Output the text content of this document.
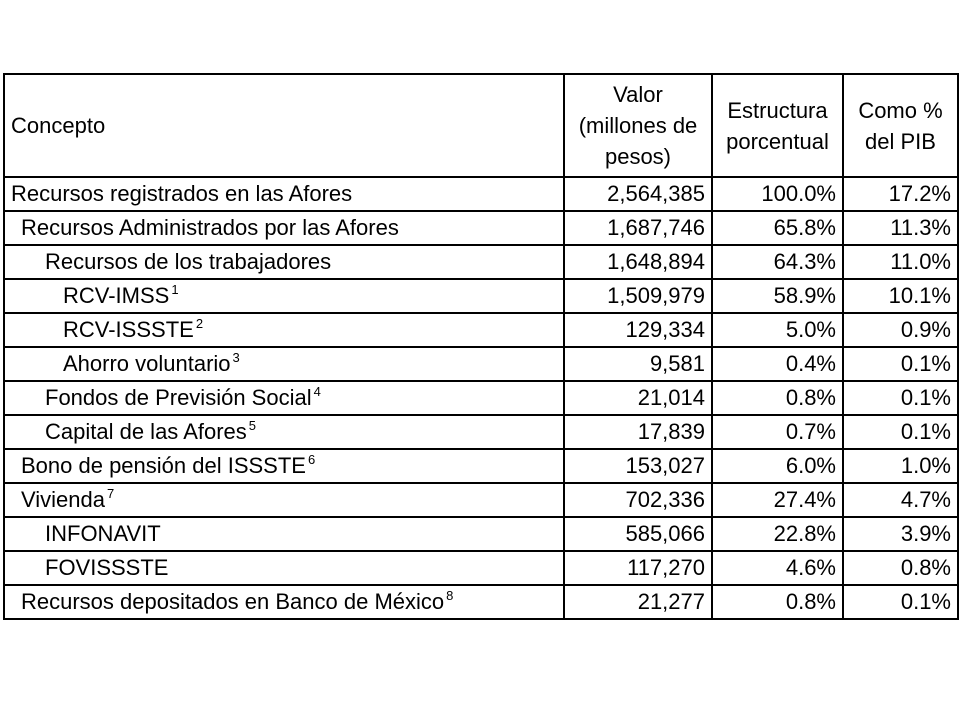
Concepto	Valor (millones de pesos)	Estructura porcentual	Como % del PIB
Recursos registrados en las Afores	2,564,385	100.0%	17.2%
Recursos Administrados por las Afores	1,687,746	65.8%	11.3%
Recursos de los trabajadores	1,648,894	64.3%	11.0%
RCV-IMSS $^1$	1,509,979	58.9%	10.1%
RCV-ISSSTE $^2$	129,334	5.0%	0.9%
Ahorro voluntario $^3$	9,581	0.4%	0.1%
Fondos de Previsión Social $^4$	21,014	0.8%	0.1%
Capital de las Afores $^5$	17,839	0.7%	0.1%
Bono de pensión del ISSSTE $^6$	153,027	6.0%	1.0%
Vivienda $^7$	702,336	27.4%	4.7%
INFONAVIT	585,066	22.8%	3.9%
FOVISSSTE	117,270	4.6%	0.8%
Recursos depositados en Banco de México $^8$	21,277	0.8%	0.1%
